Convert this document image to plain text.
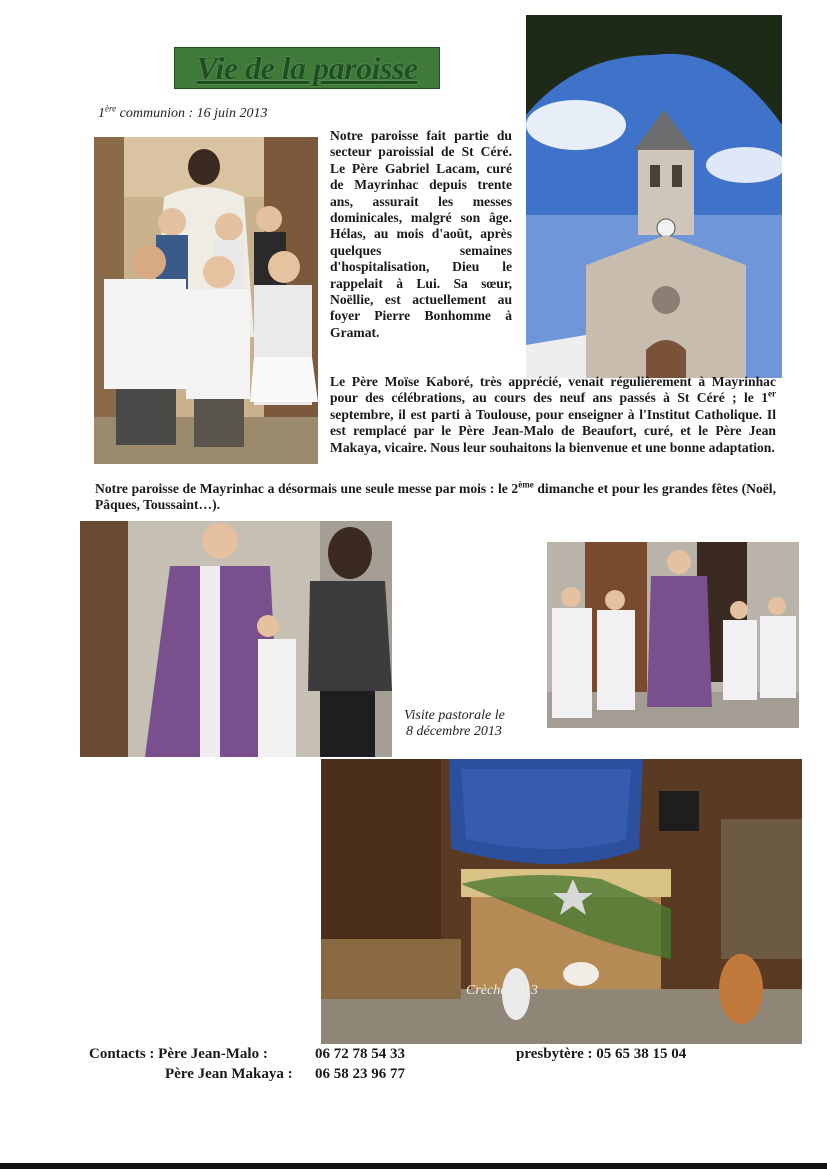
Vie de la paroisse
1ère communion : 16 juin 2013
Notre paroisse fait partie du secteur paroissial de St Céré. Le Père Gabriel Lacam, curé de Mayrinhac depuis trente ans, assurait les messes dominicales, malgré son âge. Hélas, au mois d'août, après quelques semaines d'hospitalisation, Dieu le rappelait à Lui. Sa sœur, Noëllie, est actuellement au foyer Pierre Bonhomme à Gramat.
Le Père Moïse Kaboré, très apprécié, venait régulièrement à Mayrinhac pour des célébrations, au cours des neuf ans passés à St Céré ; le 1er septembre, il est parti à Toulouse, pour enseigner à l'Institut Catholique. Il est remplacé par le Père Jean-Malo de Beaufort, curé, et le Père Jean Makaya, vicaire. Nous leur souhaitons la bienvenue et une bonne adaptation.
Notre paroisse de Mayrinhac a désormais une seule messe par mois : le 2ème dimanche et pour les grandes fêtes (Noël, Pâques, Toussaint…).
Visite pastorale le
8 décembre 2013
Crèche 2013
Contacts : Père Jean-Malo :	06 72 78 54 33	presbytère : 05 65 38 15 04
Père Jean Makaya : 06 58 23 96 77
